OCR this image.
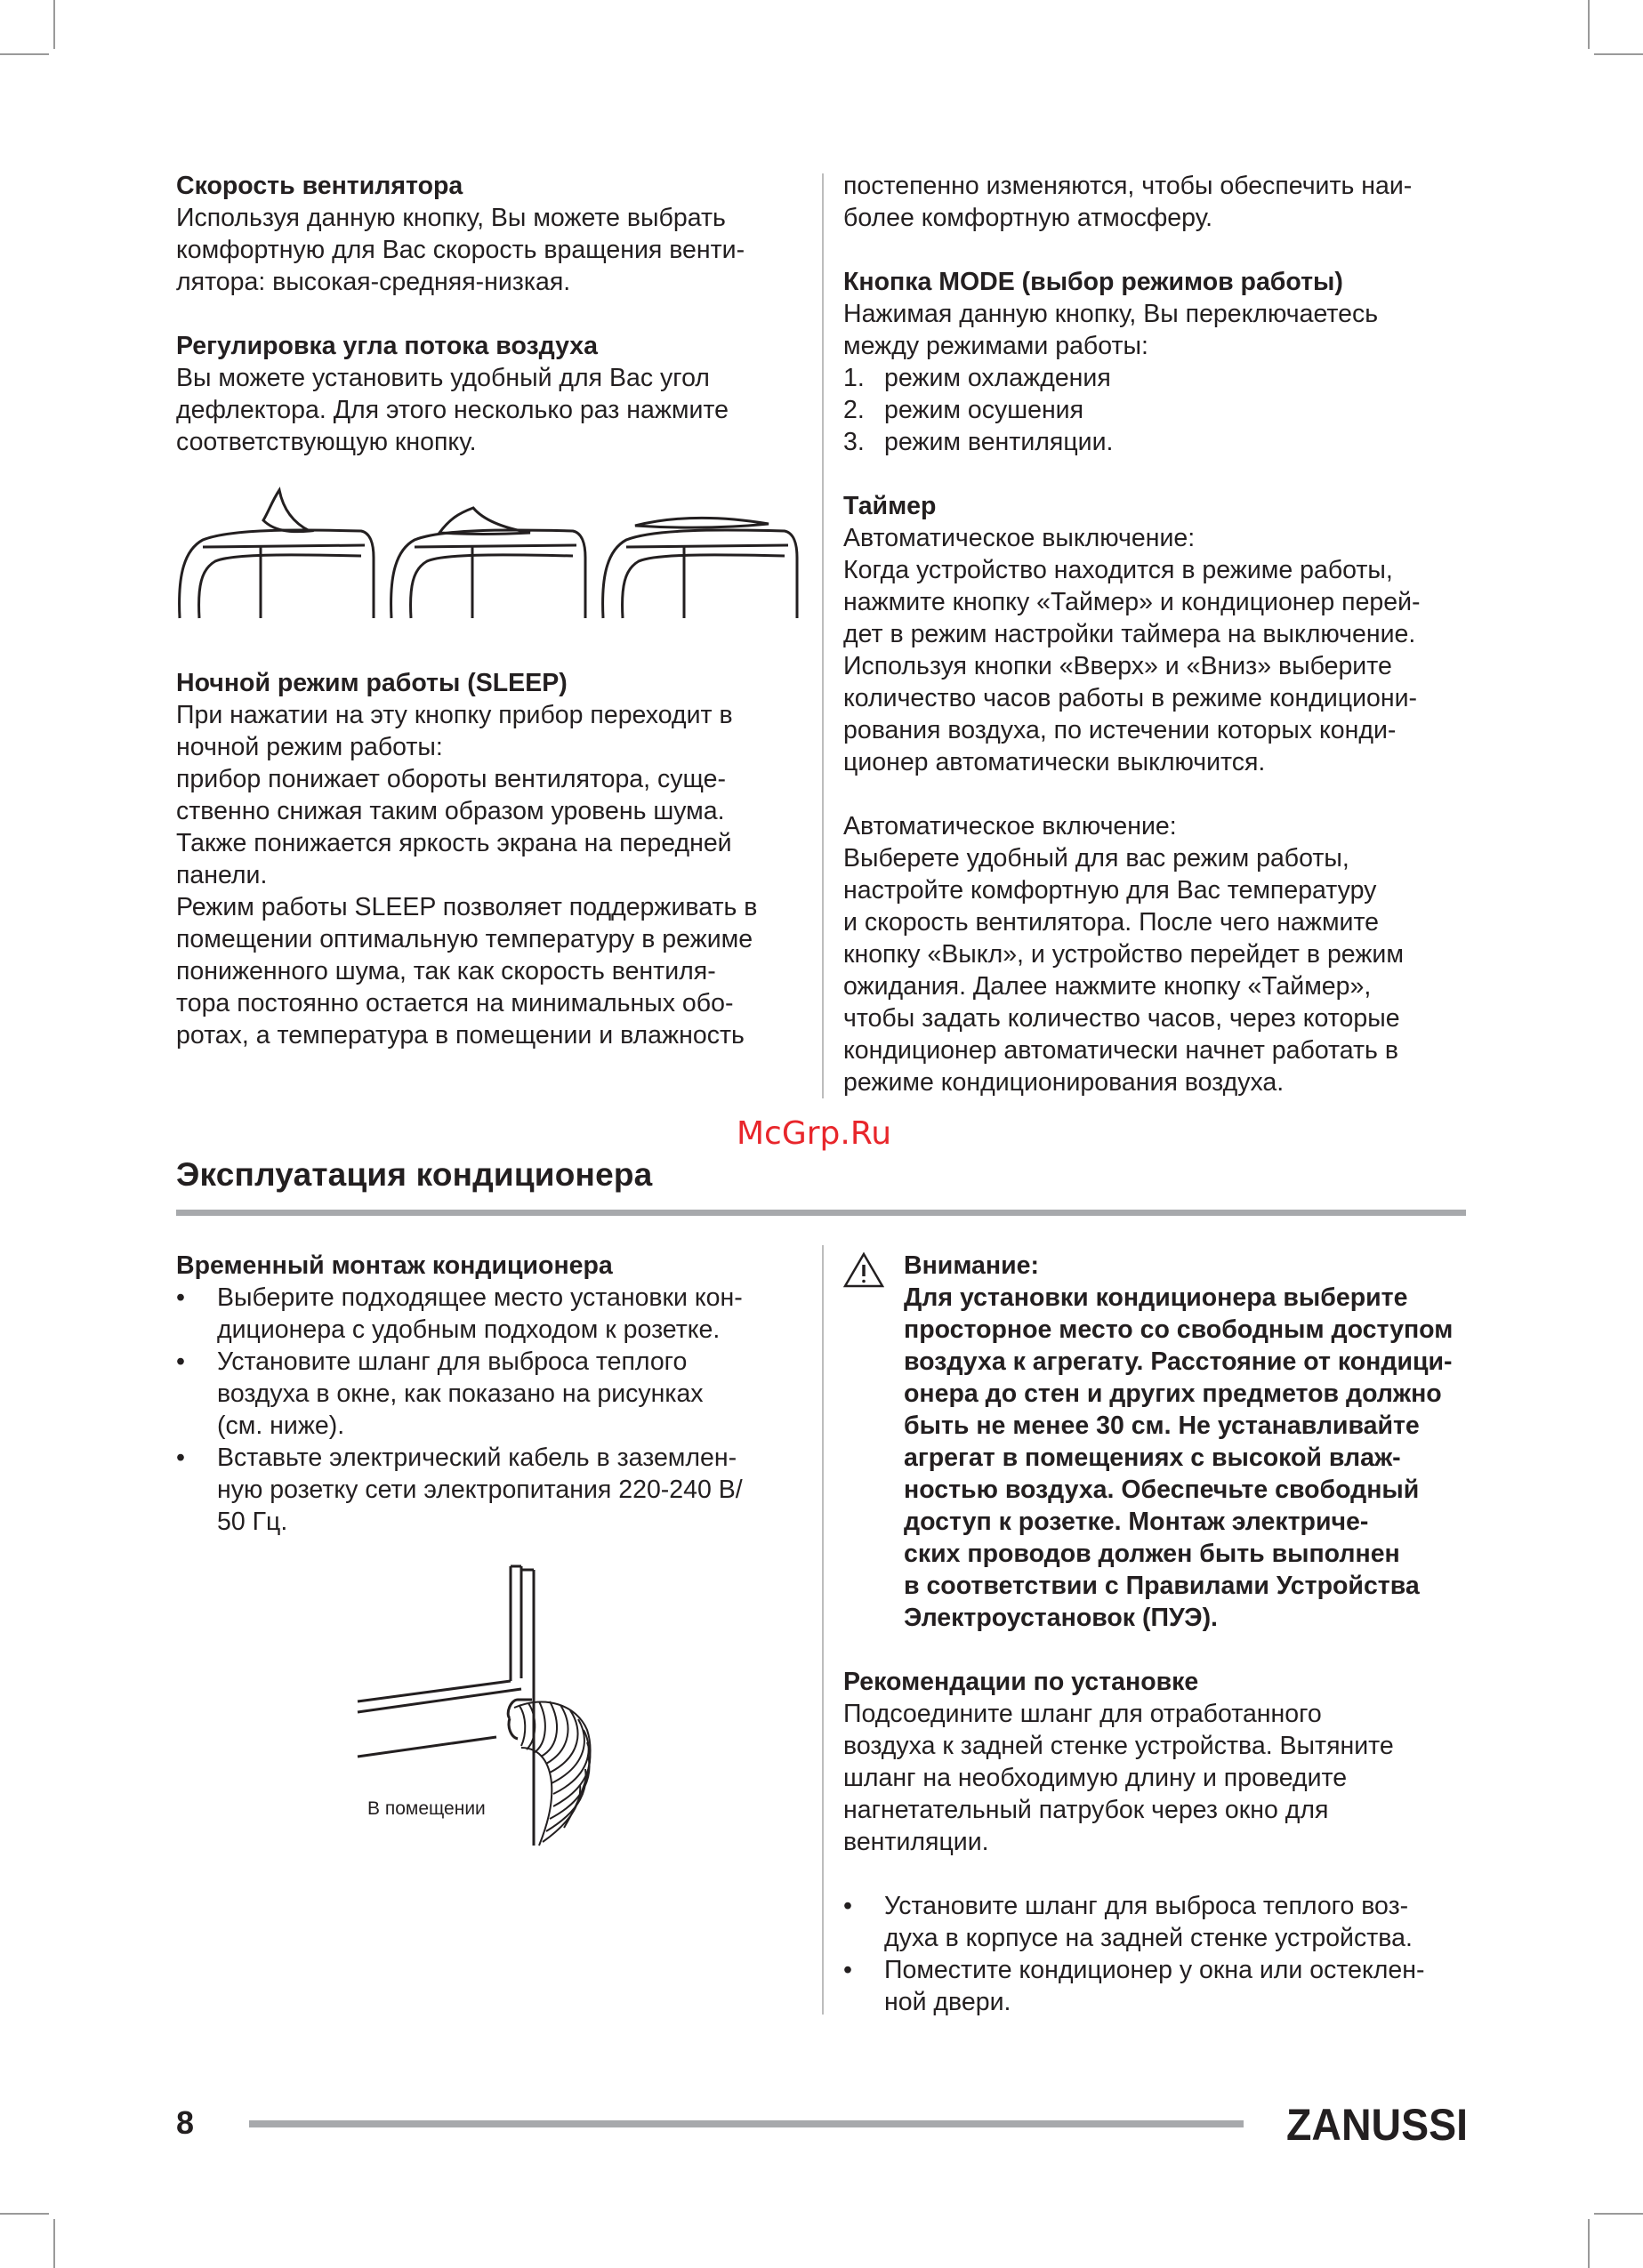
Скорость вентилятора

Используя данную кнопку, Вы можете выбрать

комфортную для Вас скорость вращения венти-

лятора: высокая-средняя-низкая.

Регулировка угла потока воздуха

Вы можете установить удобный для Вас угол

дефлектора. Для этого несколько раз нажмите

соответствующую кнопку.

Ночной режим работы (SLEEP)

При нажатии на эту кнопку прибор переходит в

ночной режим работы:

прибор понижает обороты вентилятора, суще-

ственно снижая таким образом уровень шума.

Также понижается яркость экрана на передней

панели.

Режим работы SLEEP позволяет поддерживать в

помещении оптимальную температуру в режиме

пониженного шума, так как скорость вентиля-

тора постоянно остается на минимальных обо-

ротах, а температура в помещении и влажность

постепенно изменяются, чтобы обеспечить наи-

более комфортную атмосферу.

Кнопка MODE (выбор режимов работы)

Нажимая данную кнопку, Вы переключаетесь

между режимами работы:

1. режим охлаждения
2. режим осушения
3. режим вентиляции.

Таймер

Автоматическое выключение:

Когда устройство находится в режиме работы,

нажмите кнопку «Таймер» и кондиционер перей-

дет в режим настройки таймера на выключение.

Используя кнопки «Вверх» и «Вниз» выберите

количество часов работы в режиме кондициони-

рования воздуха, по истечении которых конди-

ционер автоматически выключится.

Автоматическое включение:

Выберете удобный для вас режим работы,

настройте комфортную для Вас температуру

и скорость вентилятора. После чего нажмите

кнопку «Выкл», и устройство перейдет в режим

ожидания. Далее нажмите кнопку «Таймер»,

чтобы задать количество часов, через которые

кондиционер автоматически начнет работать в

режиме кондиционирования воздуха.

McGrp.Ru
Эксплуатация кондиционера

Временный монтаж кондиционера

• Выберите подходящее место установки кон-

диционера с удобным подходом к розетке.

• Установите шланг для выброса теплого

воздуха в окне, как показано на рисунках

(см. ниже).

• Вставьте электрический кабель в заземлен-

ную розетку сети электропитания 220-240 В/

50 Гц.

В помещении

Внимание:

Для установки кондиционера выберите

просторное место со свободным доступом

воздуха к агрегату. Расстояние от кондици-

онера до стен и других предметов должно

быть не менее 30 см. Не устанавливайте

агрегат в помещениях с высокой влаж-

ностью воздуха. Обеспечьте свободный

доступ к розетке. Монтаж электриче-

ских проводов должен быть выполнен

в соответствии с Правилами Устройства

Электроустановок (ПУЭ).

Рекомендации по установке

Подсоедините шланг для отработанного

воздуха к задней стенке устройства. Вытяните

шланг на необходимую длину и проведите

нагнетательный патрубок через окно для

вентиляции.

• Установите шланг для выброса теплого воз-

духа в корпусе на задней стенке устройства.

• Поместите кондиционер у окна или остеклен-

ной двери.

8	ZANUSSI
